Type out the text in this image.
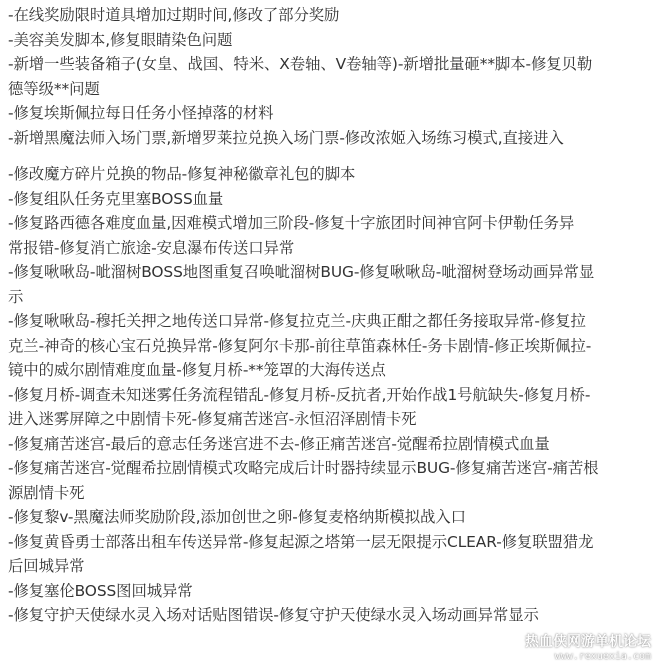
-在线奖励限时道具增加过期时间,修改了部分奖励
-美容美发脚本,修复眼睛染色问题
-新增一些装备箱子(女皇、战国、特米、X卷轴、V卷轴等)-新增批量砸**脚本-修复贝勒
德等级**问题
-修复埃斯佩拉每日任务小怪掉落的材料
-新增黑魔法师入场门票,新增罗莱拉兑换入场门票-修改浓姬入场练习模式,直接进入
-修改魔方碎片兑换的物品-修复神秘徽章礼包的脚本
-修复组队任务克里塞BOSS血量
-修复路西德各难度血量,因难模式增加三阶段-修复十字旅团时间神官阿卡伊勒任务异
常报错-修复消亡旅途-安息瀑布传送口异常
-修复啾啾岛-呲溜树BOSS地图重复召唤呲溜树BUG-修复啾啾岛-呲溜树登场动画异常显
示
-修复啾啾岛-穆托关押之地传送口异常-修复拉克兰-庆典正酣之都任务接取异常-修复拉
克兰-神奇的核心宝石兑换异常-修复阿尔卡那-前往草笛森林任-务卡剧情-修正埃斯佩拉-
镜中的威尔剧情难度血量-修复月桥-**笼罩的大海传送点
-修复月桥-调查未知迷雾任务流程错乱-修复月桥-反抗者,开始作战1号航缺失-修复月桥-
进入迷雾屏障之中剧情卡死-修复痛苦迷宫-永恒沼泽剧情卡死
-修复痛苦迷宫-最后的意志任务迷宫进不去-修正痛苦迷宫-觉醒希拉剧情模式血量
-修复痛苦迷宫-觉醒希拉剧情模式攻略完成后计时器持续显示BUG-修复痛苦迷宫-痛苦根
源剧情卡死
-修复黎v-黑魔法师奖励阶段,添加创世之卵-修复麦格纳斯模拟战入口
-修复黄昏勇士部落出租车传送异常-修复起源之塔第一层无限提示CLEAR-修复联盟猎龙
后回城异常
-修复塞伦BOSS图回城异常
-修复守护天使绿水灵入场对话贴图错误-修复守护天使绿水灵入场动画异常显示
热血侠网游单机论坛
www.rexuexia.com
